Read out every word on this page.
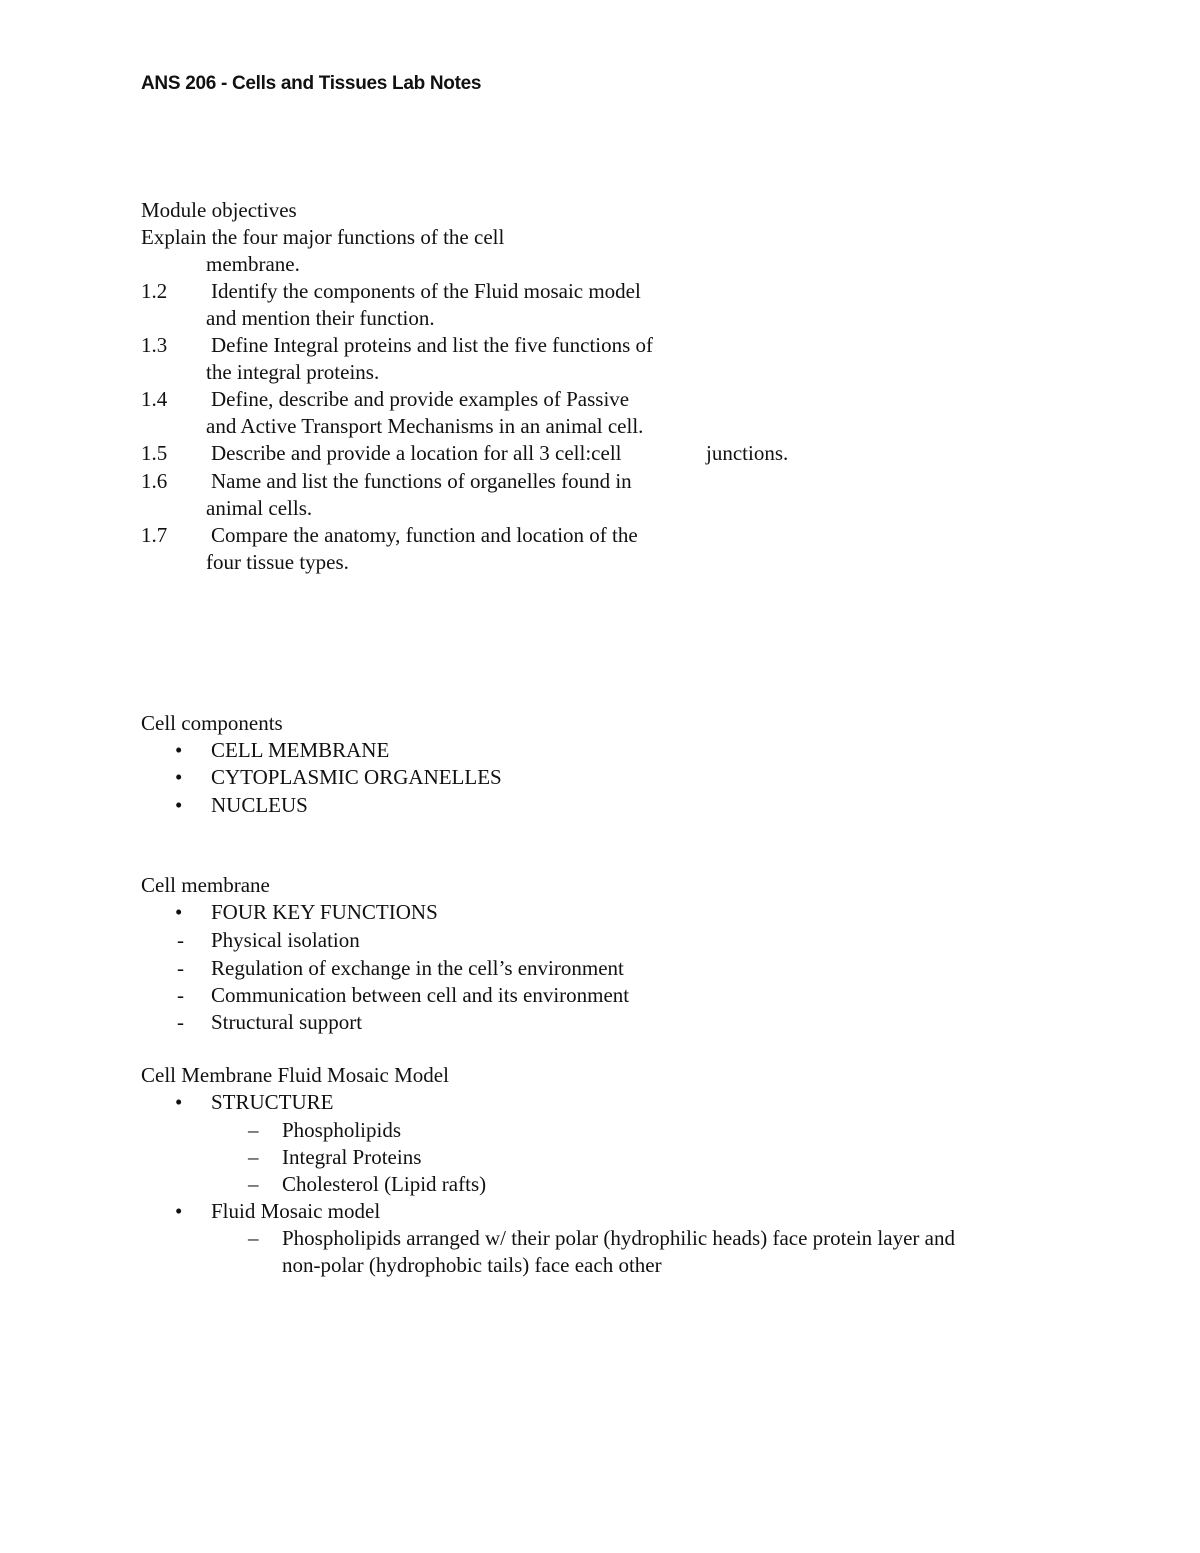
ANS 206 - Cells and Tissues Lab Notes
Module objectives
Explain the four major functions of the cell
membrane.
1.2 Identify the components of the Fluid mosaic model
and mention their function.
1.3 Define Integral proteins and list the five functions of
the integral proteins.
1.4 Define, describe and provide examples of Passive
and Active Transport Mechanisms in an animal cell.
1.5 Describe and provide a location for all 3 cell:cell	junctions.
1.6 Name and list the functions of organelles found in
animal cells.
1.7 Compare the anatomy, function and location of the
four tissue types.
Cell components
• CELL MEMBRANE
• CYTOPLASMIC ORGANELLES
• NUCLEUS
Cell membrane
• FOUR KEY FUNCTIONS
- Physical isolation
- Regulation of exchange in the cell’s environment
- Communication between cell and its environment
- Structural support
Cell Membrane Fluid Mosaic Model
• STRUCTURE
– Phospholipids
– Integral Proteins
– Cholesterol (Lipid rafts)
• Fluid Mosaic model
– Phospholipids arranged w/ their polar (hydrophilic heads) face protein layer and
non-polar (hydrophobic tails) face each other
